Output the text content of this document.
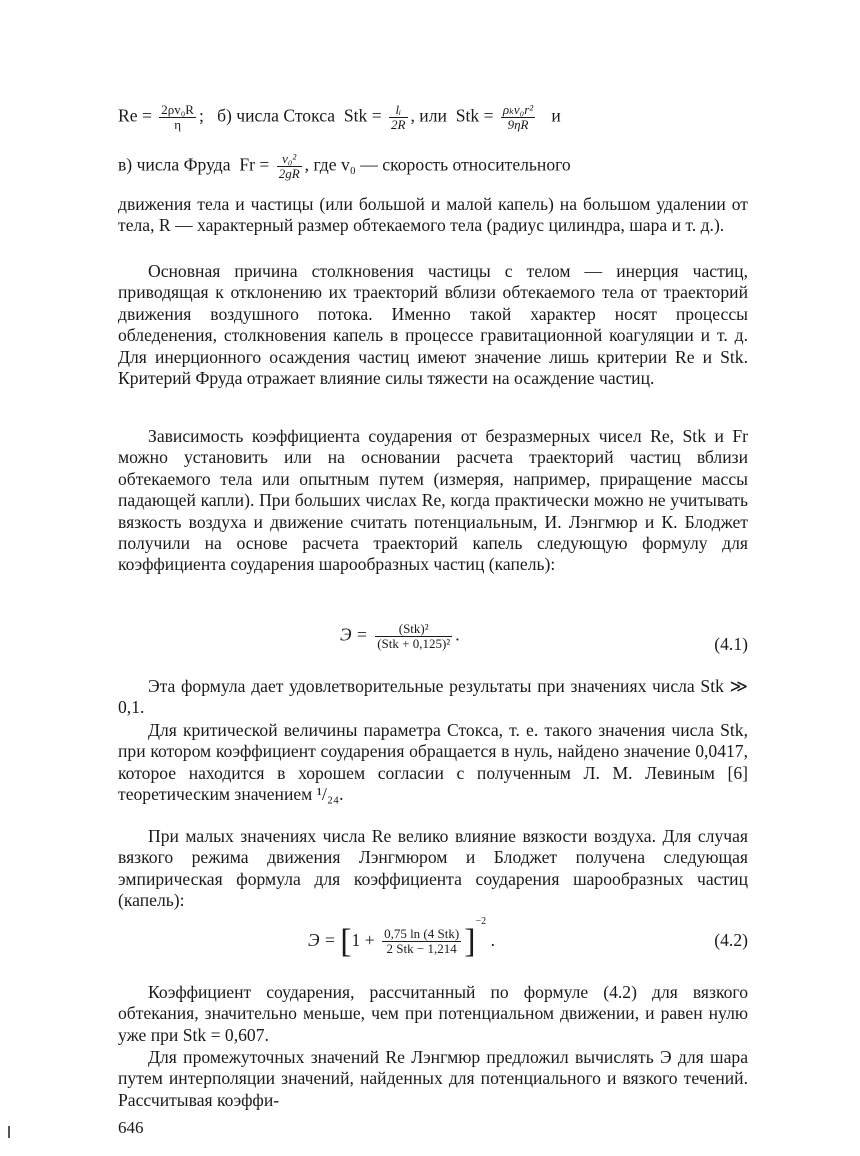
$Re = \frac{\text{2ρv₀R}}{\eta}$ ; б) числа Стокса Stk = $\frac{\text{lᵢ}}{2R}$ , или Stk = $\frac{\text{ρₖv₀r²}}{9\eta R}$ и
в) числа Фруда $Fr = \frac{\text{v₀²}}{2gR}$ , где v₀ — скорость относительного

движения тела и частицы (или большой и малой капель) на большом удалении от тела, R — характерный размер обтекаемого тела (радиус цилиндра, шара и т. д.).

Основная причина столкновения частицы с телом — инерция частиц, приводящая к отклонению их траекторий вблизи обтекаемого тела от траекторий движения воздушного потока. Именно такой характер носят процессы обледенения, столкновения капель в процессе гравитационной коагуляции и т. д. Для инерционного осаждения частиц имеют значение лишь критерии Re и Stk. Критерий Фруда отражает влияние силы тяжести на осаждение частиц.

Зависимость коэффициента соударения от безразмерных чисел Re, Stk и Fr можно установить или на основании расчета траекторий частиц вблизи обтекаемого тела или опытным путем (измеряя, например, приращение массы падающей капли). При больших числах Re, когда практически можно не учитывать вязкость воздуха и движение считать потенциальным, И. Лэнгмюр и К. Блоджет получили на основе расчета траекторий капель следующую формулу для коэффициента соударения шарообразных частиц (капель):

$Э = \frac{\text{(Stk)²}}{\text{(Stk + 0,125)²}}$ .	(4.1)

Эта формула дает удовлетворительные результаты при значениях числа Stk ≫ 0,1.

Для критической величины параметра Стокса, т. е. такого значения числа Stk, при котором коэффициент соударения обращается в нуль, найдено значение 0,0417, которое находится в хорошем согласии с полученным Л. М. Левиным [6] теоретическим значением ¹/₂₄.

При малых значениях числа Re велико влияние вязкости воздуха. Для случая вязкого режима движения Лэнгмюром и Блоджет получена следующая эмпирическая формула для коэффициента соударения шарообразных частиц (капель):

$Э = [1 + \frac{\text{0,75 ln (4 Stk)}}{\text{2 Stk − 1,214}} ]^{-2}$ .	(4.2)

Коэффициент соударения, рассчитанный по формуле (4.2) для вязкого обтекания, значительно меньше, чем при потенциальном движении, и равен нулю уже при Stk = 0,607.

Для промежуточных значений Re Лэнгмюр предложил вычислять Э для шара путем интерполяции значений, найденных для потенциального и вязкого течений. Рассчитывая коэффи-

646
